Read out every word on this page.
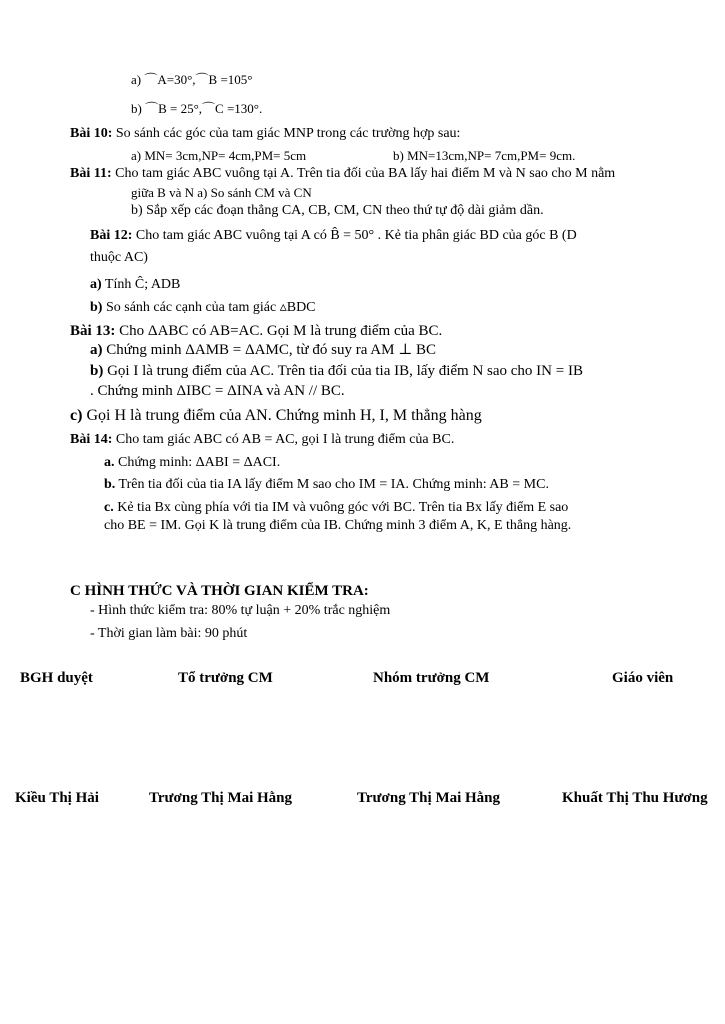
a) ⌒A=30°,⌒B =105°
b) ⌒B = 25°,⌒C =130°.
Bài 10: So sánh các góc của tam giác MNP trong các trường hợp sau:
a) MN= 3cm,NP= 4cm,PM= 5cm	b) MN=13cm,NP= 7cm,PM= 9cm.
Bài 11: Cho tam giác ABC vuông tại A. Trên tia đối của BA lấy hai điểm M và N sao cho M nằm
giữa B và N a) So sánh CM và CN
b) Sắp xếp các đoạn thẳng CA, CB, CM, CN theo thứ tự độ dài giảm dần.
Bài 12: Cho tam giác ABC vuông tại A có B̂ = 50° . Kẻ tia phân giác BD của góc B (D
thuộc AC)
a) Tính Ĉ; ADB
b) So sánh các cạnh của tam giác ▵BDC
Bài 13: Cho ΔABC có AB=AC. Gọi M là trung điểm của BC.
a) Chứng minh ΔAMB = ΔAMC, từ đó suy ra AM ⊥ BC
b) Gọi I là trung điểm của AC. Trên tia đối của tia IB, lấy điểm N sao cho IN = IB
. Chứng minh ΔIBC = ΔINA và AN // BC.
c) Gọi H là trung điểm của AN. Chứng minh H, I, M thẳng hàng
Bài 14: Cho tam giác ABC có AB = AC, gọi I là trung điểm của BC.
a. Chứng minh: ΔABI = ΔACI.
b. Trên tia đối của tia IA lấy điểm M sao cho IM = IA. Chứng minh: AB = MC.
c. Kẻ tia Bx cùng phía với tia IM và vuông góc với BC. Trên tia Bx lấy điểm E sao
cho BE = IM. Gọi K là trung điểm của IB. Chứng minh 3 điểm A, K, E thẳng hàng.
C HÌNH THỨC VÀ THỜI GIAN KIỂM TRA:
- Hình thức kiểm tra: 80% tự luận + 20% trắc nghiệm
- Thời gian làm bài: 90 phút
BGH duyệt	Tổ trưởng CM	Nhóm trưởng CM	Giáo viên
Kiều Thị Hải	Trương Thị Mai Hằng	Trương Thị Mai Hằng	Khuất Thị Thu Hương
